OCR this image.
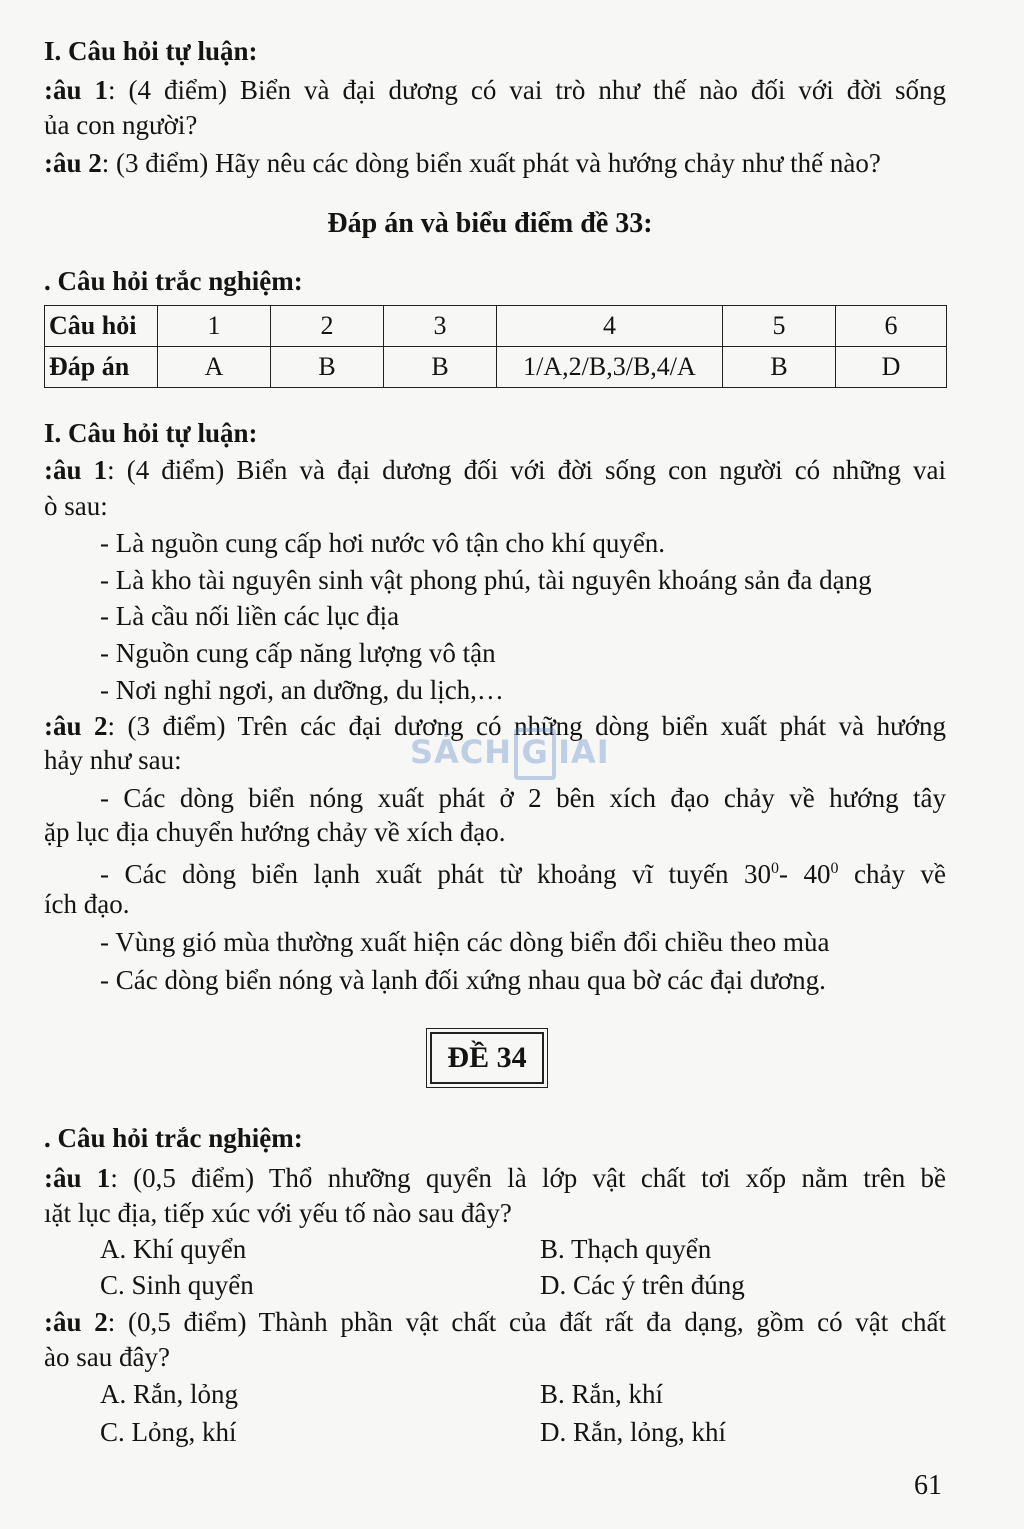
I. Câu hỏi tự luận:
:âu 1: (4 điểm) Biển và đại dương có vai trò như thế nào đối với đời sống
ủa con người?
:âu 2: (3 điểm) Hãy nêu các dòng biển xuất phát và hướng chảy như thế nào?
Đáp án và biểu điểm đề 33:
. Câu hỏi trắc nghiệm:
Câu hỏi	1	2	3	4	5	6
Đáp án	A	B	B	1/A,2/B,3/B,4/A	B	D
I. Câu hỏi tự luận:
:âu 1: (4 điểm) Biển và đại dương đối với đời sống con người có những vai
ò sau:
- Là nguồn cung cấp hơi nước vô tận cho khí quyển.
- Là kho tài nguyên sinh vật phong phú, tài nguyên khoáng sản đa dạng
- Là cầu nối liền các lục địa
- Nguồn cung cấp năng lượng vô tận
- Nơi nghỉ ngơi, an dưỡng, du lịch,…
:âu 2: (3 điểm) Trên các đại dương có những dòng biển xuất phát và hướng
hảy như sau:
- Các dòng biển nóng xuất phát ở 2 bên xích đạo chảy về hướng tây
ặp lục địa chuyển hướng chảy về xích đạo.
- Các dòng biển lạnh xuất phát từ khoảng vĩ tuyến $30^0-$ $40^0$ chảy về
ích đạo.
- Vùng gió mùa thường xuất hiện các dòng biển đổi chiều theo mùa
- Các dòng biển nóng và lạnh đối xứng nhau qua bờ các đại dương.
SÁCH G IAI
ĐỀ 34
. Câu hỏi trắc nghiệm:
:âu 1: (0,5 điểm) Thổ nhưỡng quyển là lớp vật chất tơi xốp nằm trên bề
ıặt lục địa, tiếp xúc với yếu tố nào sau đây?
A. Khí quyển	B. Thạch quyển
C. Sinh quyển	D. Các ý trên đúng
:âu 2: (0,5 điểm) Thành phần vật chất của đất rất đa dạng, gồm có vật chất
ào sau đây?
A. Rắn, lỏng	B. Rắn, khí
C. Lỏng, khí	D. Rắn, lỏng, khí
61
